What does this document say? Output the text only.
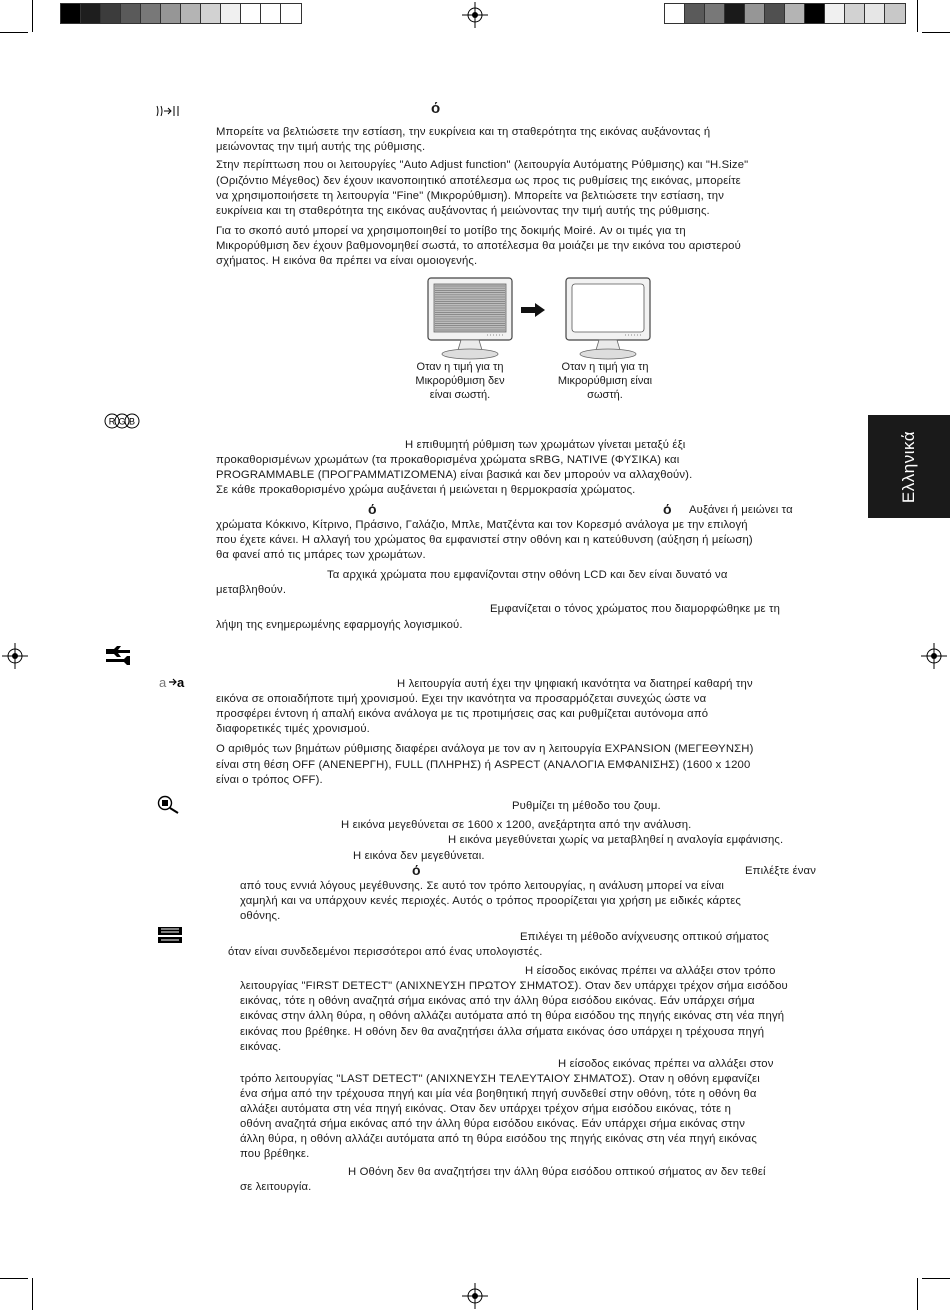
Ελληνικά
ό
Μπορείτε να βελτιώσετε την εστίαση, την ευκρίνεια και τη σταθερότητα της εικόνας αυξάνοντας ή
μειώνοντας την τιμή αυτής της ρύθμισης.
Στην περίπτωση που οι λειτουργίες "Auto Adjust function" (λειτουργία Αυτόματης Ρύθμισης) και "H.Size"
(Οριζόντιο Μέγεθος) δεν έχουν ικανοποιητικό αποτέλεσμα ως προς τις ρυθμίσεις της εικόνας, μπορείτε
να χρησιμοποιήσετε τη λειτουργία "Fine" (Μικρορύθμιση). Μπορείτε να βελτιώσετε την εστίαση, την
ευκρίνεια και τη σταθερότητα της εικόνας αυξάνοντας ή μειώνοντας την τιμή αυτής της ρύθμισης.
Για το σκοπό αυτό μπορεί να χρησιμοποιηθεί το μοτίβο της δοκιμής Moiré. Αν οι τιμές για τη
Μικρορύθμιση δεν έχουν βαθμονομηθεί σωστά, το αποτέλεσμα θα μοιάζει με την εικόνα του αριστερού
σχήματος. Η εικόνα θα πρέπει να είναι ομοιογενής.
Οταν η τιμή για τη
Μικρορύθμιση δεν
είναι σωστή.
Οταν η τιμή για τη
Μικρορύθμιση είναι
σωστή.
R G B
Η επιθυμητή ρύθμιση των χρωμάτων γίνεται μεταξύ έξι
προκαθορισμένων χρωμάτων (τα προκαθορισμένα χρώματα sRBG, NATIVE (ΦΥΣΙΚΑ) και
PROGRAMMABLE (ΠΡΟΓΡΑΜΜΑΤΙΖΟΜΕΝΑ) είναι βασικά και δεν μπορούν να αλλαχθούν).
Σε κάθε προκαθορισμένο χρώμα αυξάνεται ή μειώνεται η θερμοκρασία χρώματος.
ό	ό Αυξάνει ή μειώνει τα
χρώματα Κόκκινο, Κίτρινο, Πράσινο, Γαλάζιο, Μπλε, Ματζέντα και τον Κορεσμό ανάλογα με την επιλογή
που έχετε κάνει. Η αλλαγή του χρώματος θα εμφανιστεί στην οθόνη και η κατεύθυνση (αύξηση ή μείωση)
θα φανεί από τις μπάρες των χρωμάτων.
Τα αρχικά χρώματα που εμφανίζονται στην οθόνη LCD και δεν είναι δυνατό να
μεταβληθούν.
Εμφανίζεται ο τόνος χρώματος που διαμορφώθηκε με τη
λήψη της ενημερωμένης εφαρμογής λογισμικού.
a a	Η λειτουργία αυτή έχει την ψηφιακή ικανότητα να διατηρεί καθαρή την
εικόνα σε οποιαδήποτε τιμή χρονισμού. Εχει την ικανότητα να προσαρμόζεται συνεχώς ώστε να
προσφέρει έντονη ή απαλή εικόνα ανάλογα με τις προτιμήσεις σας και ρυθμίζεται αυτόνομα από
διαφορετικές τιμές χρονισμού.
Ο αριθμός των βημάτων ρύθμισης διαφέρει ανάλογα με τον αν η λειτουργία EXPANSION (ΜΕΓΕΘΥΝΣΗ)
είναι στη θέση OFF (ΑΝΕΝΕΡΓΗ), FULL (ΠΛΗΡΗΣ) ή ASPECT (ΑΝΑΛΟΓΙΑ ΕΜΦΑΝΙΣΗΣ) (1600 x 1200
είναι ο τρόπος OFF).
Ρυθμίζει τη μέθοδο του ζουμ.
Η εικόνα μεγεθύνεται σε 1600 x 1200, ανεξάρτητα από την ανάλυση.
Η εικόνα μεγεθύνεται χωρίς να μεταβληθεί η αναλογία εμφάνισης.
Η εικόνα δεν μεγεθύνεται.
ό	Επιλέξτε έναν
από τους εννιά λόγους μεγέθυνσης. Σε αυτό τον τρόπο λειτουργίας, η ανάλυση μπορεί να είναι
χαμηλή και να υπάρχουν κενές περιοχές. Αυτός ο τρόπος προορίζεται για χρήση με ειδικές κάρτες
οθόνης.
Επιλέγει τη μέθοδο ανίχνευσης οπτικού σήματος
όταν είναι συνδεδεμένοι περισσότεροι από ένας υπολογιστές.
Η είσοδος εικόνας πρέπει να αλλάξει στον τρόπο
λειτουργίας "FIRST DETECT" (ΑΝΙΧΝΕΥΣΗ ΠΡΩΤΟΥ ΣΗΜΑΤΟΣ). Οταν δεν υπάρχει τρέχον σήμα εισόδου
εικόνας, τότε η οθόνη αναζητά σήμα εικόνας από την άλλη θύρα εισόδου εικόνας. Εάν υπάρχει σήμα
εικόνας στην άλλη θύρα, η οθόνη αλλάζει αυτόματα από τη θύρα εισόδου της πηγής εικόνας στη νέα πηγή
εικόνας που βρέθηκε. Η οθόνη δεν θα αναζητήσει άλλα σήματα εικόνας όσο υπάρχει η τρέχουσα πηγή
εικόνας.
Η είσοδος εικόνας πρέπει να αλλάξει στον
τρόπο λειτουργίας "LAST DETECT" (ΑΝΙΧΝΕΥΣΗ ΤΕΛΕΥΤΑΙΟΥ ΣΗΜΑΤΟΣ). Οταν η οθόνη εμφανίζει
ένα σήμα από την τρέχουσα πηγή και μία νέα βοηθητική πηγή συνδεθεί στην οθόνη, τότε η οθόνη θα
αλλάξει αυτόματα στη νέα πηγή εικόνας. Οταν δεν υπάρχει τρέχον σήμα εισόδου εικόνας, τότε η
οθόνη αναζητά σήμα εικόνας από την άλλη θύρα εισόδου εικόνας. Εάν υπάρχει σήμα εικόνας στην
άλλη θύρα, η οθόνη αλλάζει αυτόματα από τη θύρα εισόδου της πηγής εικόνας στη νέα πηγή εικόνας
που βρέθηκε.
Η Οθόνη δεν θα αναζητήσει την άλλη θύρα εισόδου οπτικού σήματος αν δεν τεθεί
σε λειτουργία.
